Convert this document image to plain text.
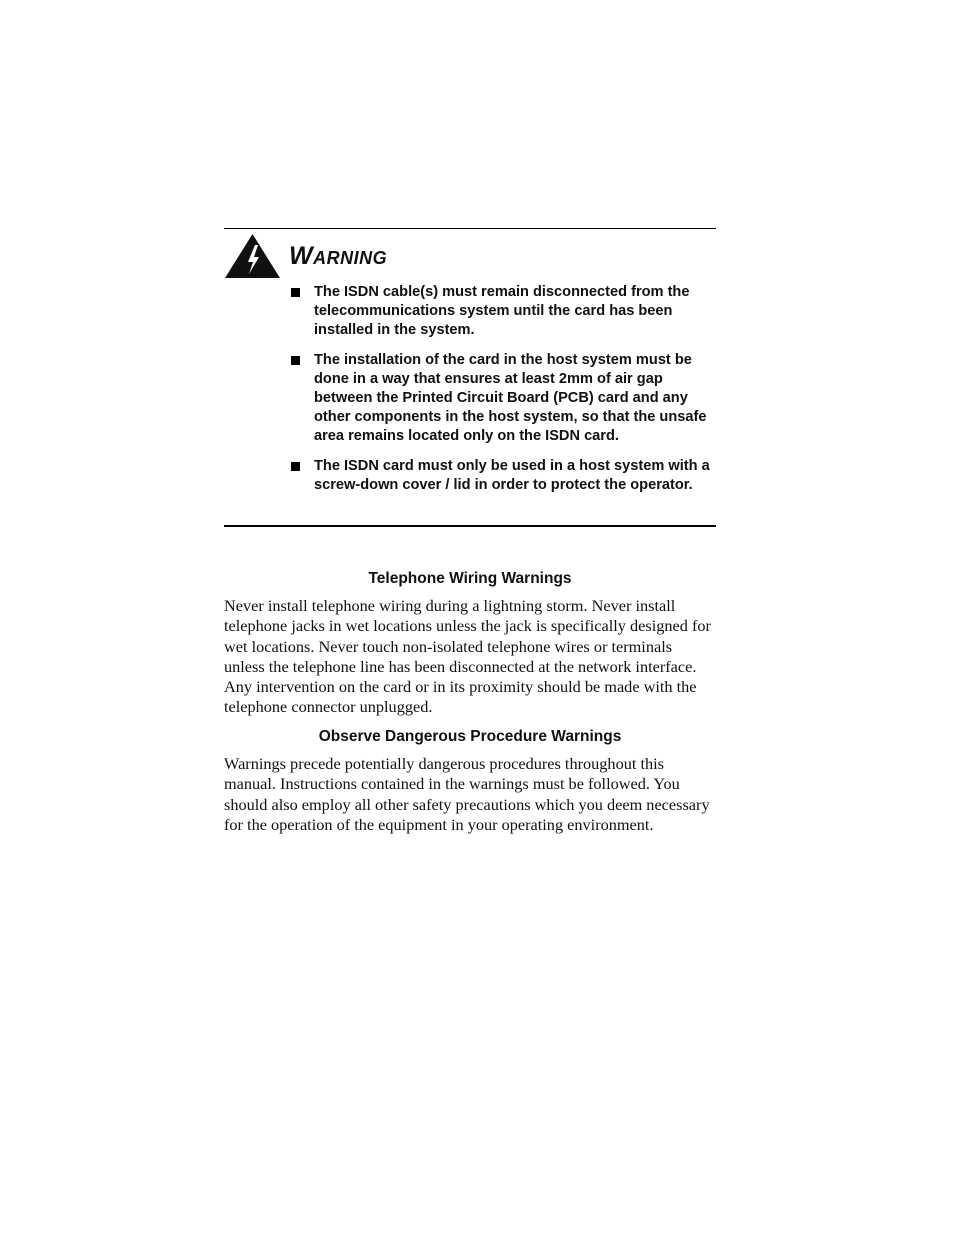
Warning
The ISDN cable(s) must remain disconnected from the telecommunications system until the card has been installed in the system.
The installation of the card in the host system must be done in a way that ensures at least 2mm of air gap between the Printed Circuit Board (PCB) card and any other components in the host system, so that the unsafe area remains located only on the ISDN card.
The ISDN card must only be used in a host system with a screw-down cover / lid in order to protect the operator.
Telephone Wiring Warnings

Never install telephone wiring during a lightning storm. Never install telephone jacks in wet locations unless the jack is specifically designed for wet locations. Never touch non-isolated telephone wires or terminals unless the telephone line has been disconnected at the network interface. Any intervention on the card or in its proximity should be made with the telephone connector unplugged.

Observe Dangerous Procedure Warnings

Warnings precede potentially dangerous procedures throughout this manual. Instructions contained in the warnings must be followed. You should also employ all other safety precautions which you deem necessary for the operation of the equipment in your operating environment.
